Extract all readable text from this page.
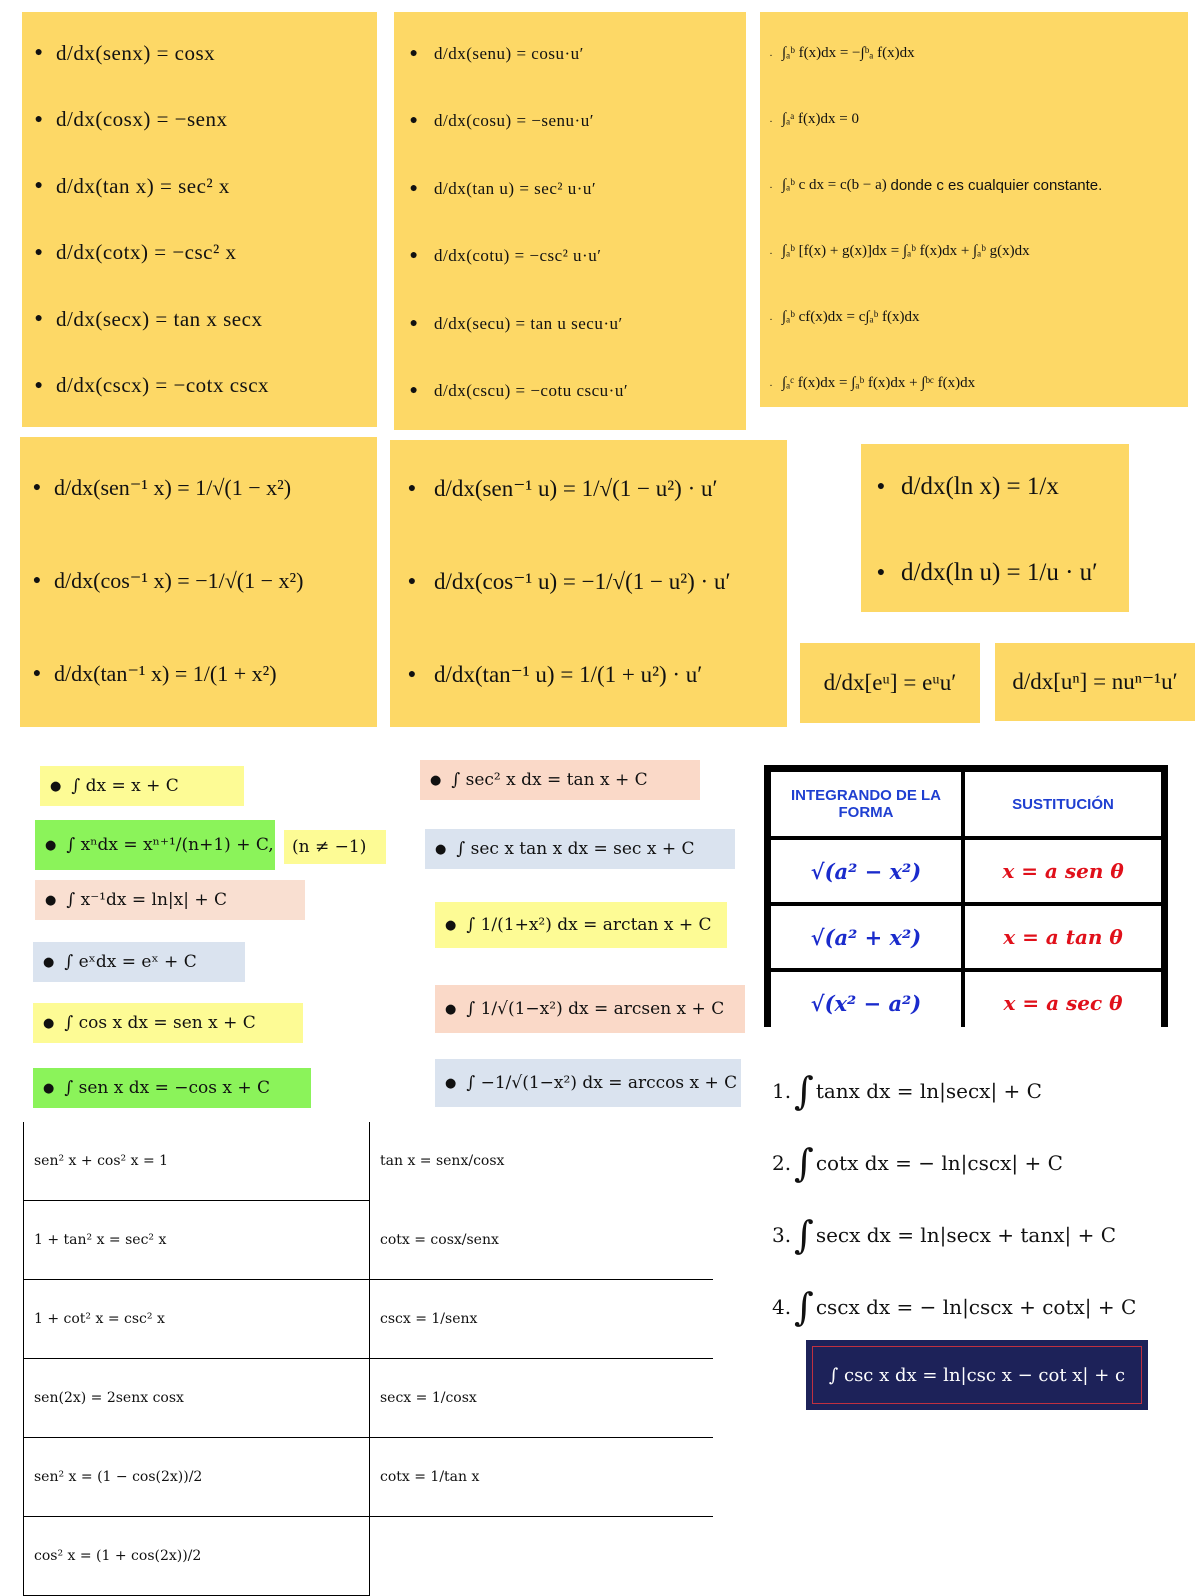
● d/dx(senx) = cosx
● d/dx(cosx) = −senx
● d/dx(tan x) = sec² x
● d/dx(cotx) = −csc² x
● d/dx(secx) = tan x secx
● d/dx(cscx) = −cotx cscx
● d/dx(senu) = cosu·u′
● d/dx(cosu) = −senu·u′
● d/dx(tan u) = sec² u·u′
● d/dx(cotu) = −csc² u·u′
● d/dx(secu) = tan u secu·u′
● d/dx(cscu) = −cotu cscu·u′
. ∫ₐᵇ f(x)dx = −∫ᵇₐ f(x)dx
. ∫ₐᵃ f(x)dx = 0
. ∫ₐᵇ c dx = c(b − a)
donde c es cualquier constante.
. ∫ₐᵇ [f(x) + g(x)]dx = ∫ₐᵇ f(x)dx + ∫ₐᵇ g(x)dx
. ∫ₐᵇ cf(x)dx = c∫ₐᵇ f(x)dx
. ∫ₐᶜ f(x)dx = ∫ₐᵇ f(x)dx + ∫ᵇᶜ f(x)dx
● d/dx(sen⁻¹ x) = 1/√(1 − x²)
● d/dx(cos⁻¹ x) = −1/√(1 − x²)
● d/dx(tan⁻¹ x) = 1/(1 + x²)
● d/dx(sen⁻¹ u) = 1/√(1 − u²) · u′
● d/dx(cos⁻¹ u) = −1/√(1 − u²) · u′
● d/dx(tan⁻¹ u) = 1/(1 + u²) · u′
● d/dx(ln x) = 1/x
● d/dx(ln u) = 1/u · u′
d/dx[eᵘ] = eᵘu′ d/dx[uⁿ] = nuⁿ⁻¹u′
● ∫ dx = x + C
● ∫ xⁿdx = xⁿ⁺¹/(n+1) + C, (n ≠ −1)
● ∫ x⁻¹dx = ln|x| + C
● ∫ eˣdx = eˣ + C
● ∫ cos x dx = sen x + C
● ∫ sen x dx = −cos x + C
● ∫ sec² x dx = tan x + C
● ∫ sec x tan x dx = sec x + C
● ∫ 1/(1+x²) dx = arctan x + C
● ∫ 1/√(1−x²) dx = arcsen x + C
● ∫ −1/√(1−x²) dx = arccos x + C
INTEGRANDO DE LA FORMA	SUSTITUCIÓN
√(a² − x²)	x = a sen θ
√(a² + x²)	x = a tan θ
√(x² − a²)	x = a sec θ
sen² x + cos² x = 1	tan x = senx/cosx
1 + tan² x = sec² x	cotx = cosx/senx
1 + cot² x = csc² x	cscx = 1/senx
sen(2x) = 2senx cosx	secx = 1/cosx
sen² x = (1 − cos(2x))/2	cotx = 1/tan x
cos² x = (1 + cos(2x))/2	
1. ∫ tanx dx = ln|secx| + C
2. ∫ cotx dx = − ln|cscx| + C
3. ∫ secx dx = ln|secx + tanx| + C
4. ∫ cscx dx = − ln|cscx + cotx| + C
∫ csc x dx = ln|csc x − cot x| + c
